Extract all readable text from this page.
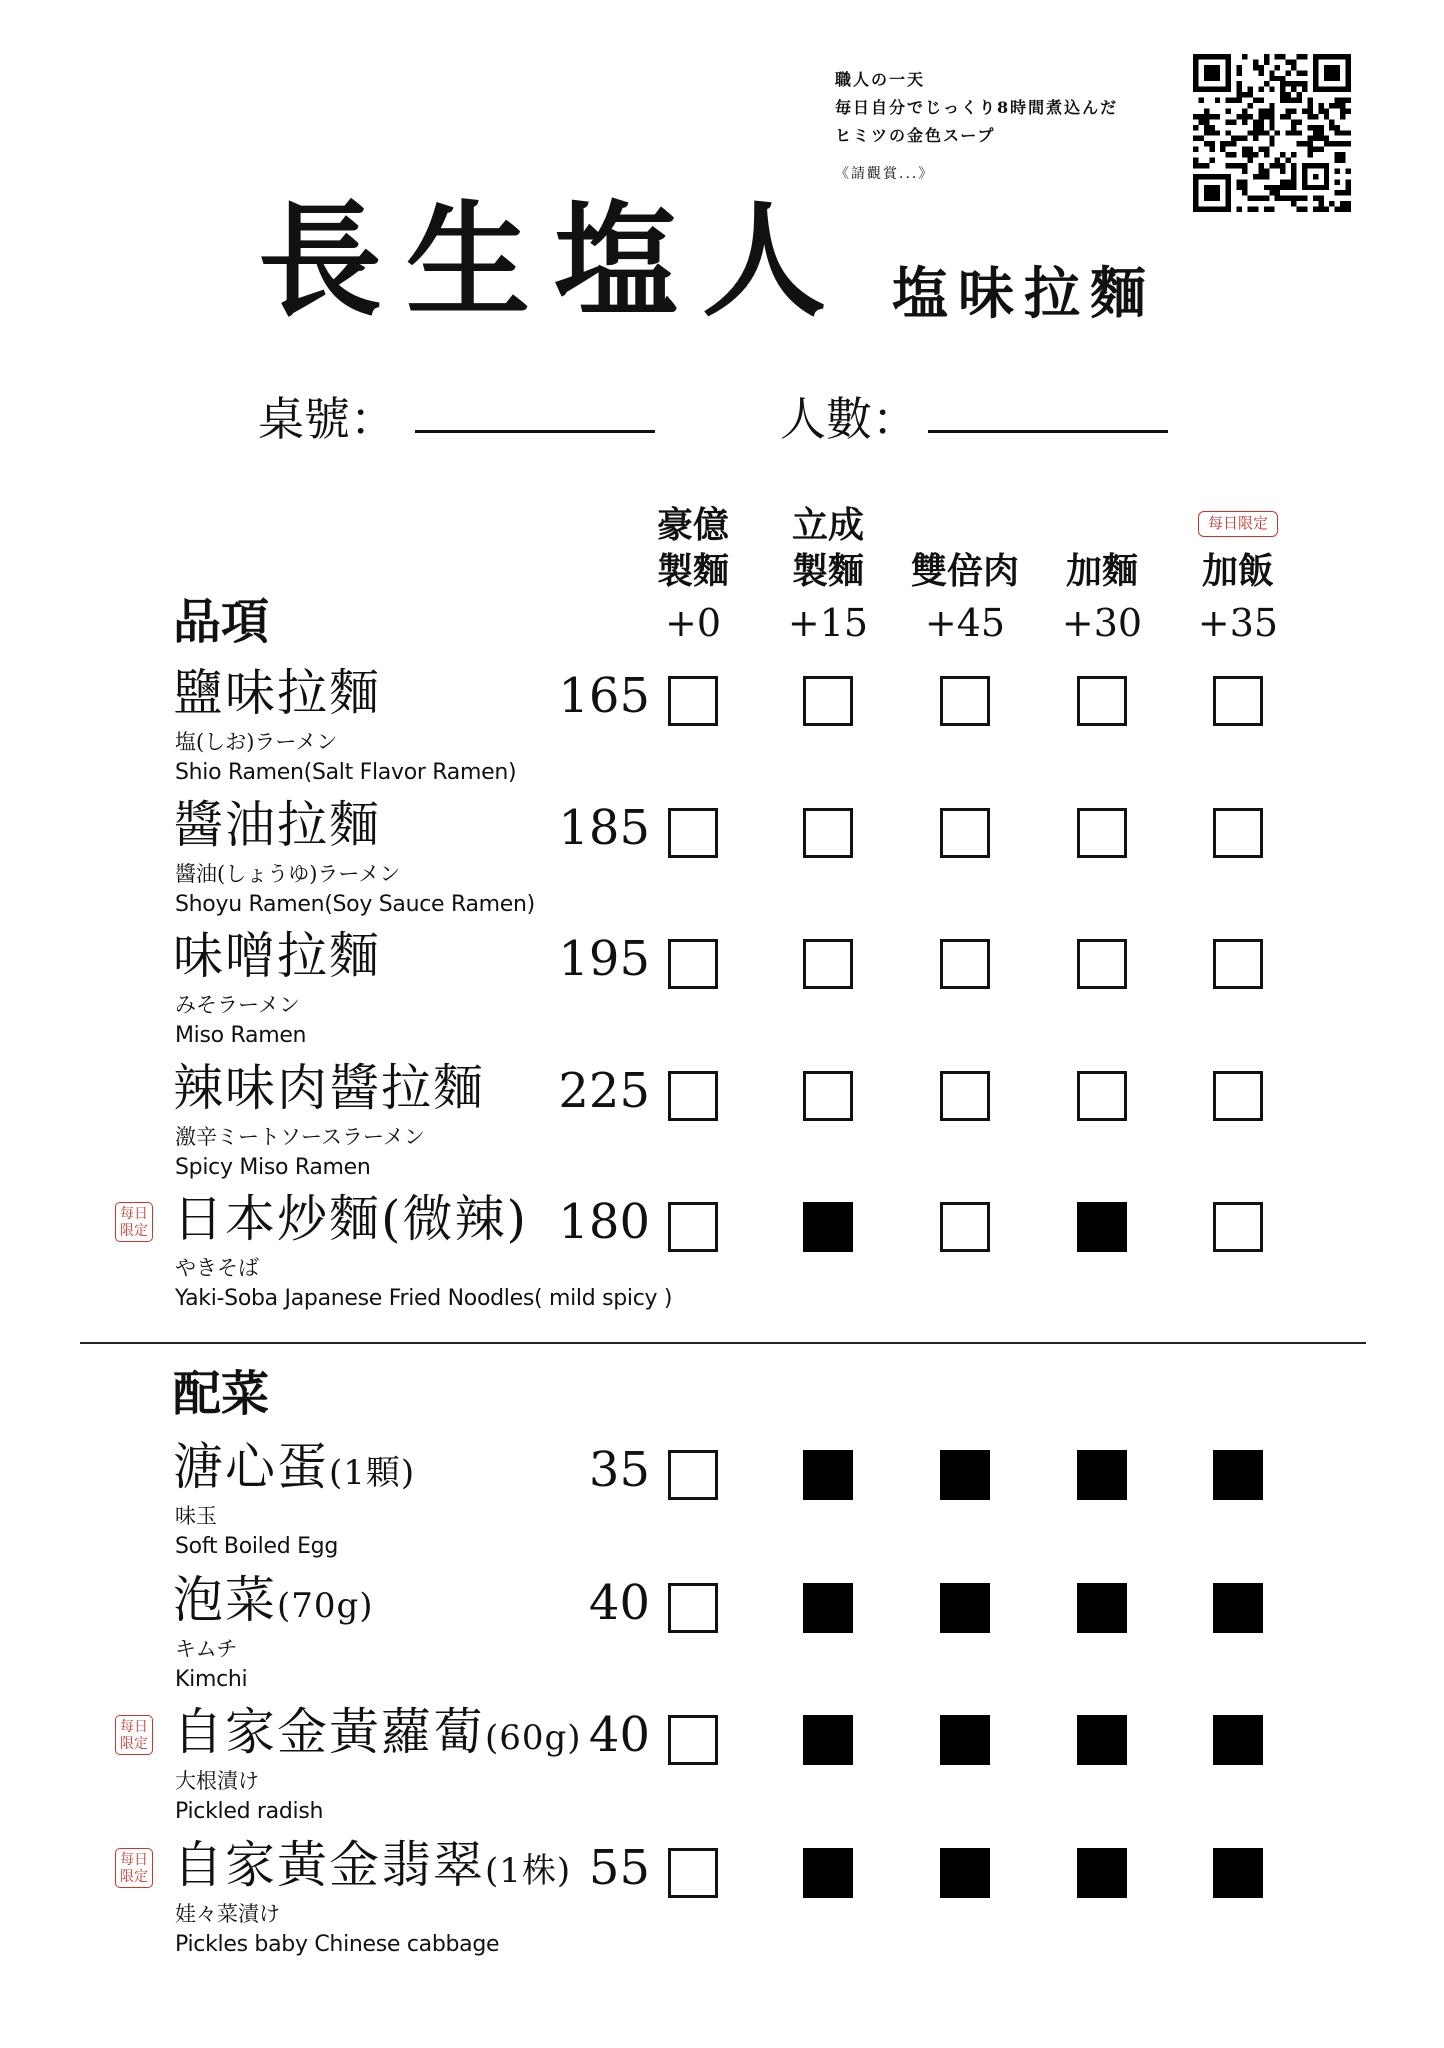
職人の一天
毎日自分でじっくり8時間煮込んだ
ヒミツの金色スープ
《請觀賞...》
長生塩人 塩味拉麵
桌號：	人數：
豪億
製麵
+0
立成
製麵
+15

雙倍肉
+45

加麵
+30

加飯
+35
每日限定
品項
鹽味拉麵
塩(しお)ラーメン
Shio Ramen(Salt Flavor Ramen)
165
醬油拉麵
醬油(しょうゆ)ラーメン
Shoyu Ramen(Soy Sauce Ramen)
185
味噌拉麵
みそラーメン
Miso Ramen
195
辣味肉醬拉麵
激辛ミートソースラーメン
Spicy Miso Ramen
225
每日
限定 日本炒麵(微辣)
やきそば
Yaki-Soba Japanese Fried Noodles( mild spicy )
180
配菜
溏心蛋(1顆)
味玉
Soft Boiled Egg
35
泡菜(70g)
キムチ
Kimchi
40
每日
限定 自家金黃蘿蔔(60g)
大根漬け
Pickled radish
40
每日
限定 自家黃金翡翠(1株)
娃々菜漬け
Pickles baby Chinese cabbage
55
